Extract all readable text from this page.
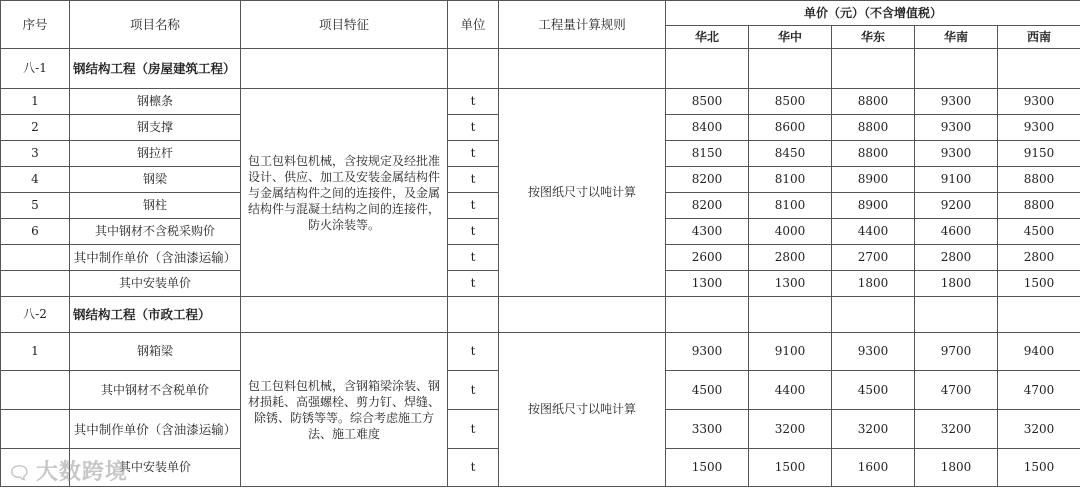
序号	项目名称	项目特征	单位	工程量计算规则	单价（元）（不含增值税）				
					华北	华中	华东	华南	西南
八-1	钢结构工程（房屋建筑工程）								
1	钢檩条	包工包料包机械，含按规定及经批准设计、供应、加工及安装金属结构件与金属结构件之间的连接件，及金属结构件与混凝土结构之间的连接件，防火涂装等。	t	按图纸尺寸以吨计算	8500	8500	8800	9300	9300
2	钢支撑		t		8400	8600	8800	9300	9300
3	钢拉杆		t		8150	8450	8800	9300	9150
4	钢梁		t		8200	8100	8900	9100	8800
5	钢柱		t		8200	8100	8900	9200	8800
6	其中钢材不含税采购价		t		4300	4000	4400	4600	4500
	其中制作单价（含油漆运输）		t		2600	2800	2700	2800	2800
	其中安装单价		t		1300	1300	1800	1800	1500
八-2	钢结构工程（市政工程）								
1	钢箱梁	包工包料包机械，含钢箱梁涂装、钢材损耗、高强螺栓、剪力钉、焊缝、除锈、防锈等等。综合考虑施工方法、施工难度	t	按图纸尺寸以吨计算	9300	9100	9300	9700	9400
	其中钢材不含税单价		t		4500	4400	4500	4700	4700
	其中制作单价（含油漆运输）		t		3300	3200	3200	3200	3200
	其中安装单价		t		1500	1500	1600	1800	1500
🗨 大数跨境
